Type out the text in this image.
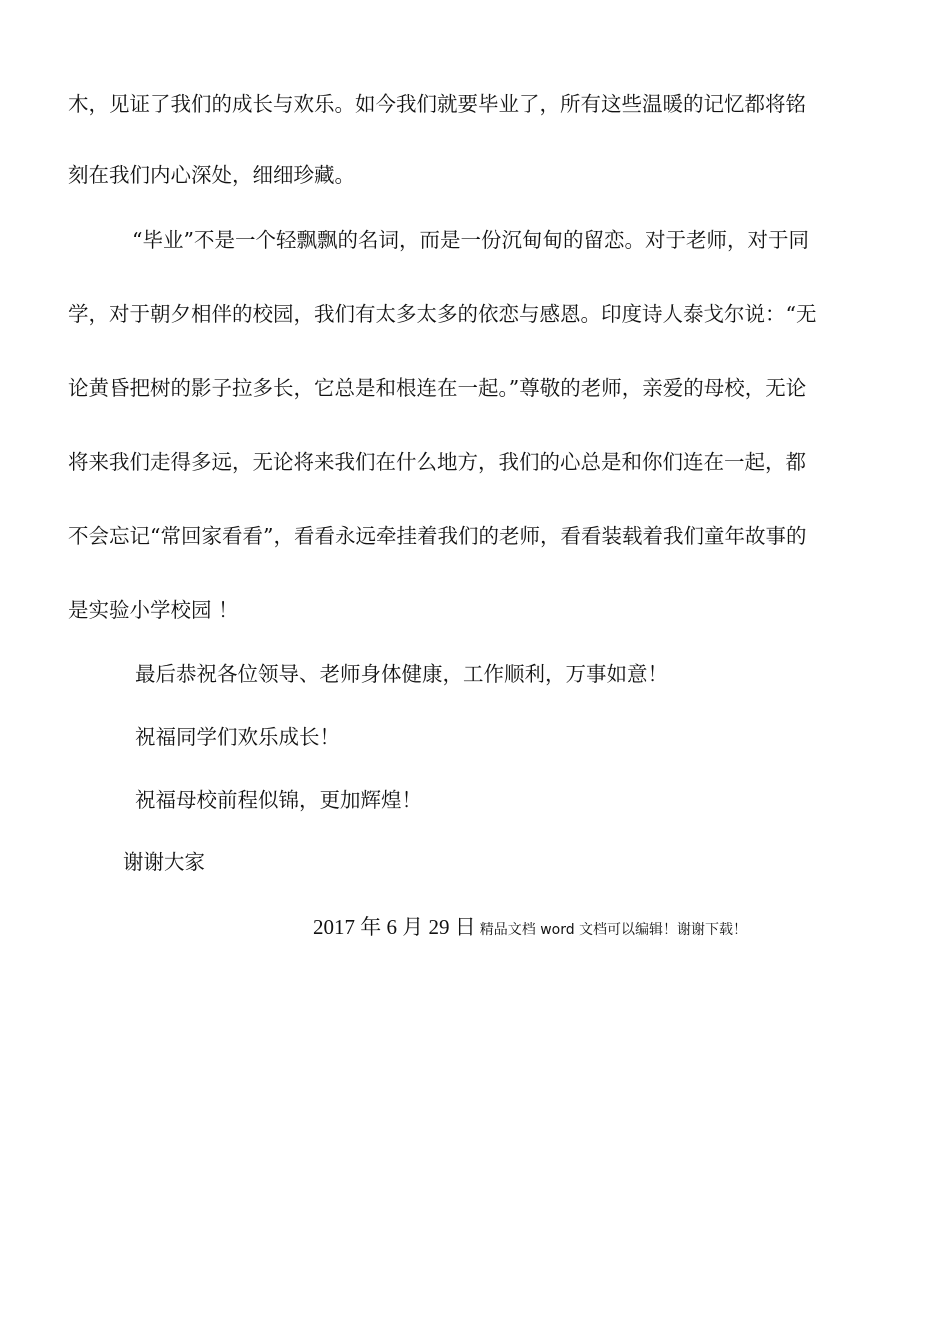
木，见证了我们的成长与欢乐。如今我们就要毕业了，所有这些温暖的记忆都将铭
刻在我们内心深处，细细珍藏。
“毕业”不是一个轻飘飘的名词，而是一份沉甸甸的留恋。对于老师，对于同
学，对于朝夕相伴的校园，我们有太多太多的依恋与感恩。印度诗人泰戈尔说：“无
论黄昏把树的影子拉多长，它总是和根连在一起。”尊敬的老师，亲爱的母校，无论
将来我们走得多远，无论将来我们在什么地方，我们的心总是和你们连在一起，都
不会忘记“常回家看看”，看看永远牵挂着我们的老师，看看装载着我们童年故事的
是实验小学校园 ！
最后恭祝各位领导、老师身体健康，工作顺利，万事如意！
祝福同学们欢乐成长！
祝福母校前程似锦，更加辉煌！
谢谢大家
2017 年 6 月 29 日 精品文档 word 文档可以编辑！谢谢下载！
